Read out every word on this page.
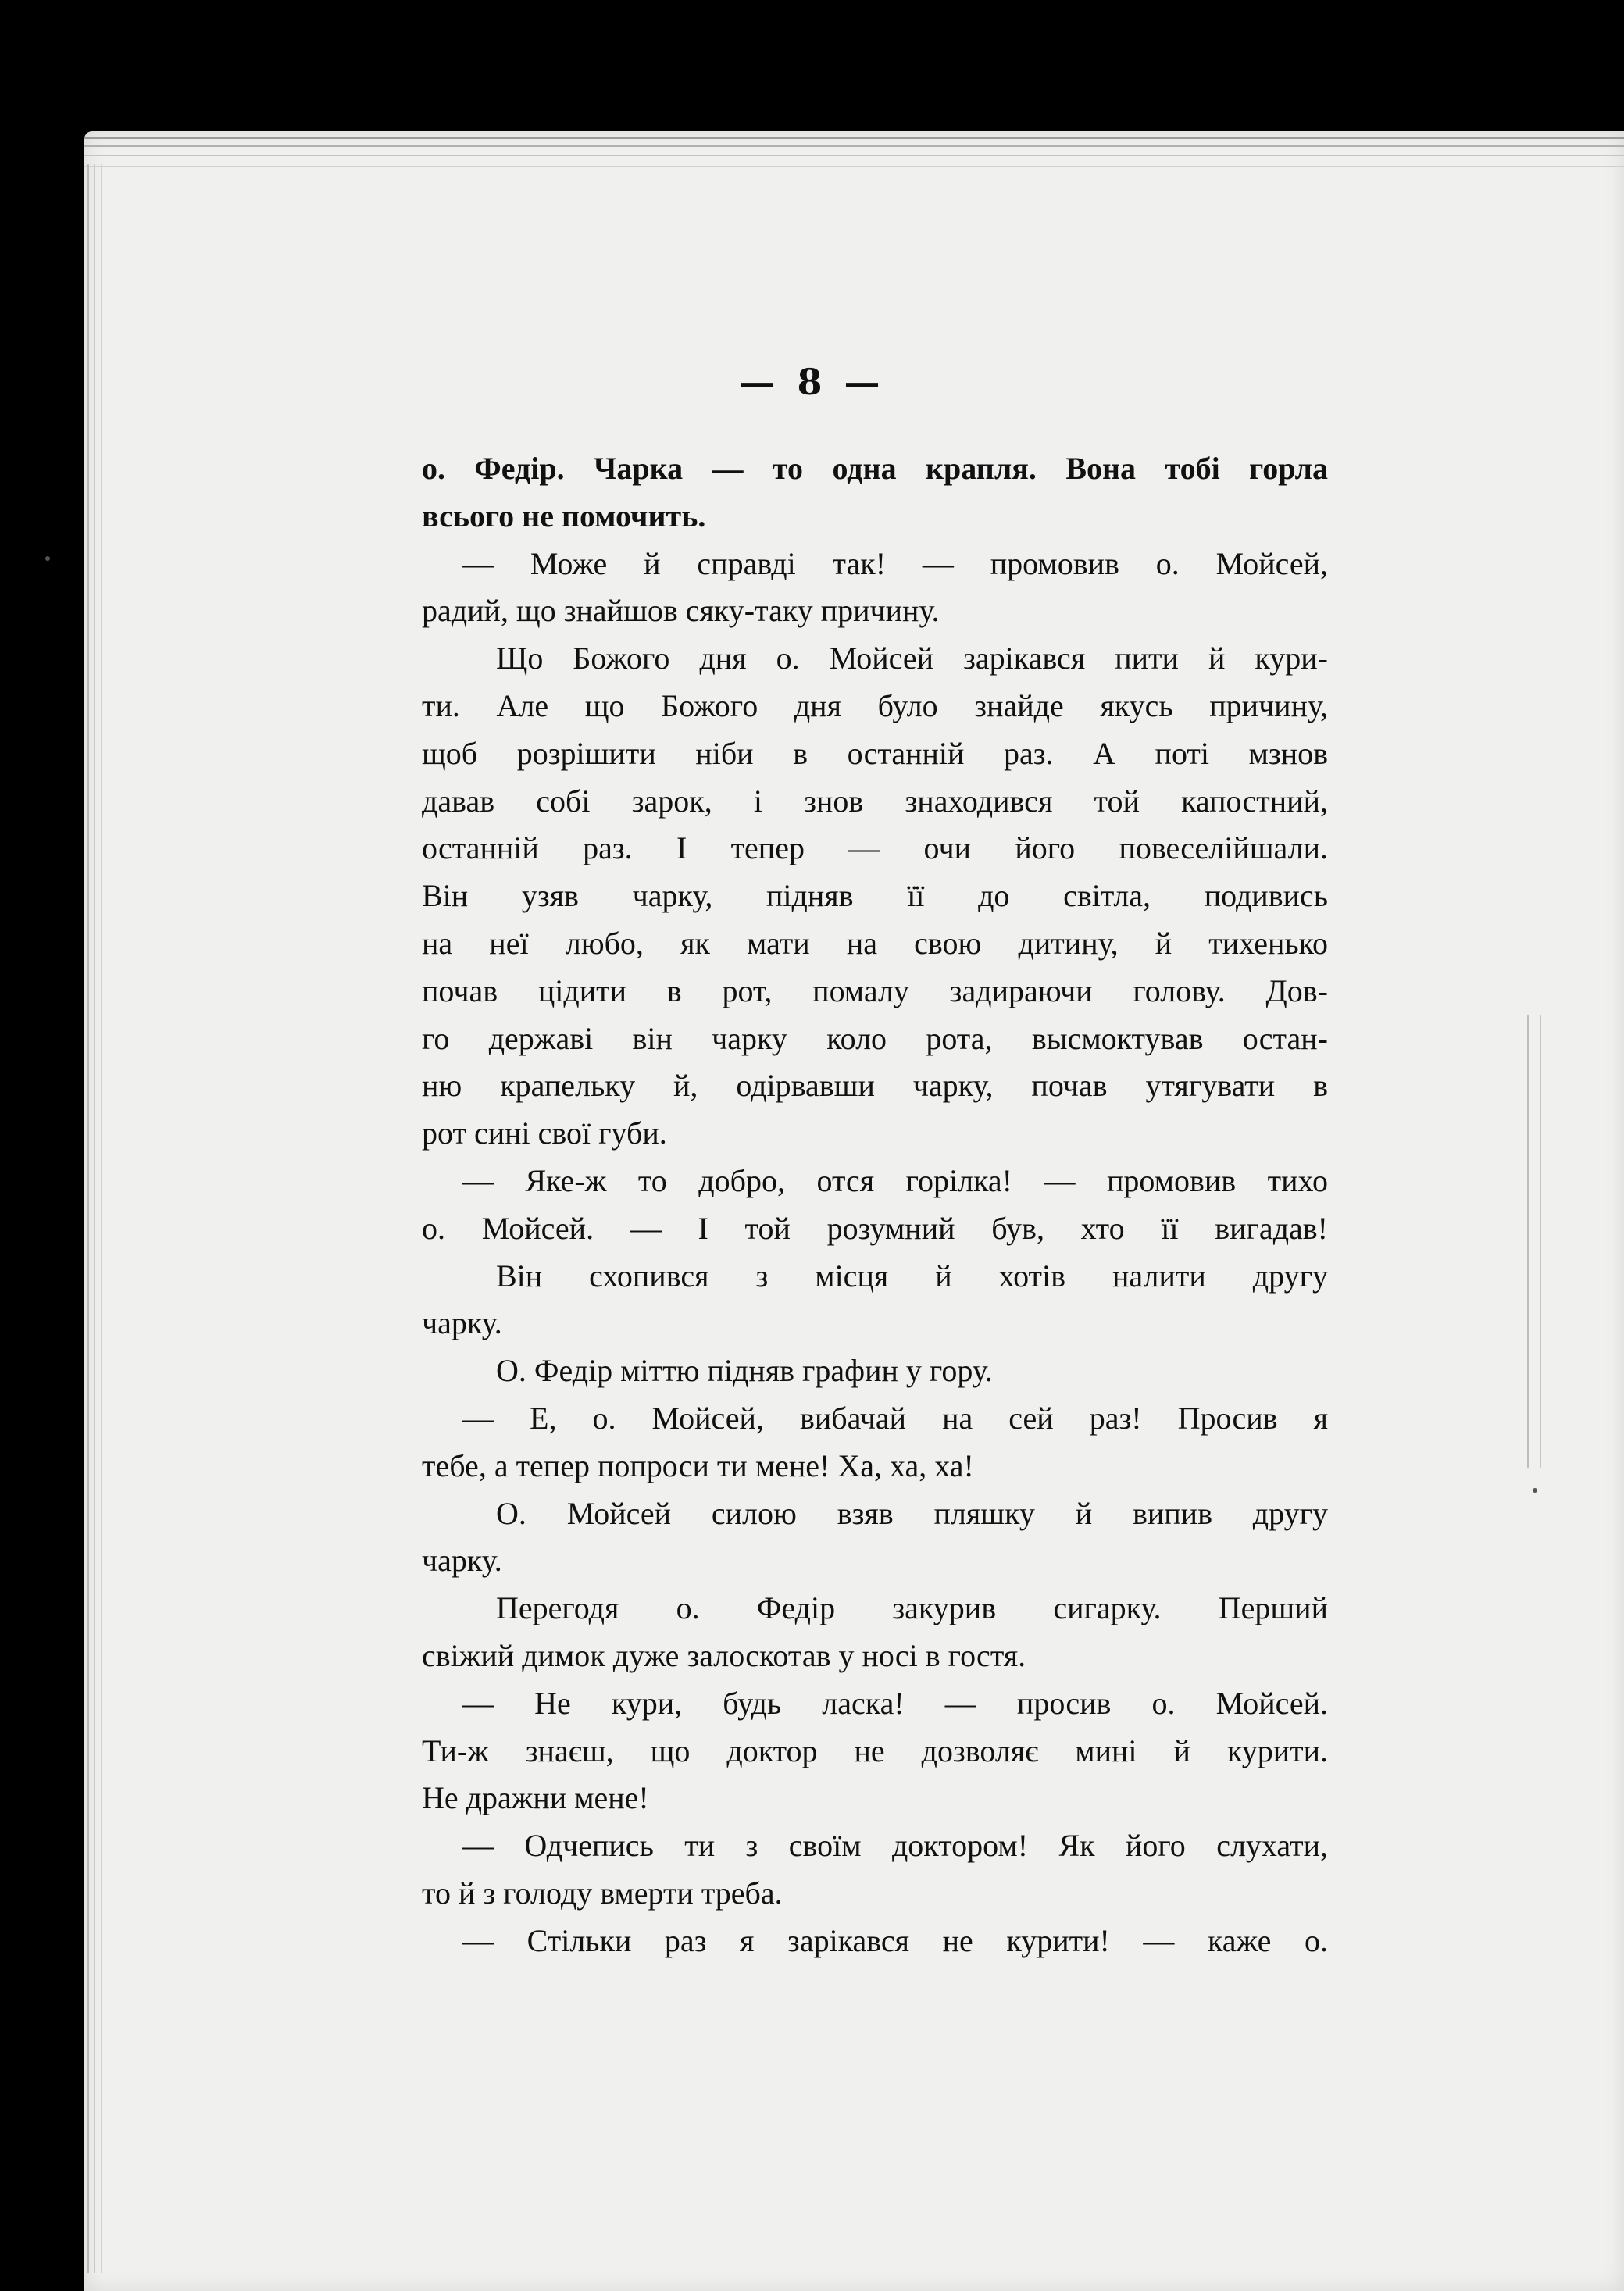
— 8 —
о. Федір. Чарка — то одна крапля. Вона тобі горла
всього не помочить.
— Може й справді так! — промовив о. Мойсей,
радий, що знайшов сяку-таку причину.
Що Божого дня о. Мойсей зарікався пити й кури-
ти. Але що Божого дня було знайде якусь причину,
щоб розрішити ніби в останній раз. А поті мзнов
давав собі зарок, і знов знаходився той капостний,
останній раз. І тепер — очи його повеселійшали.
Він узяв чарку, підняв її до світла, подивись
на неї любо, як мати на свою дитину, й тихенько
почав цідити в рот, помалу задираючи голову. Дов-
го державі він чарку коло рота, высмоктував остан-
ню крапельку й, одірвавши чарку, почав утягувати в
рот сині свої губи.
— Яке-ж то добро, отся горілка! — промовив тихо
о. Мойсей. — І той розумний був, хто її вигадав!
Він схопився з місця й хотів налити другу
чарку.
О. Федір міттю підняв графин у гору.
— Е, о. Мойсей, вибачай на сей раз! Просив я
тебе, а тепер попроси ти мене! Ха, ха, ха!
О. Мойсей силою взяв пляшку й випив другу
чарку.
Перегодя о. Федір закурив сигарку. Перший
свіжий димок дуже залоскотав у носі в гостя.
— Не кури, будь ласка! — просив о. Мойсей.
Ти-ж знаєш, що доктор не дозволяє мині й курити.
Не дражни мене!
— Одчепись ти з своїм доктором! Як його слухати,
то й з голоду вмерти треба.
— Стільки раз я зарікався не курити! — каже о.
